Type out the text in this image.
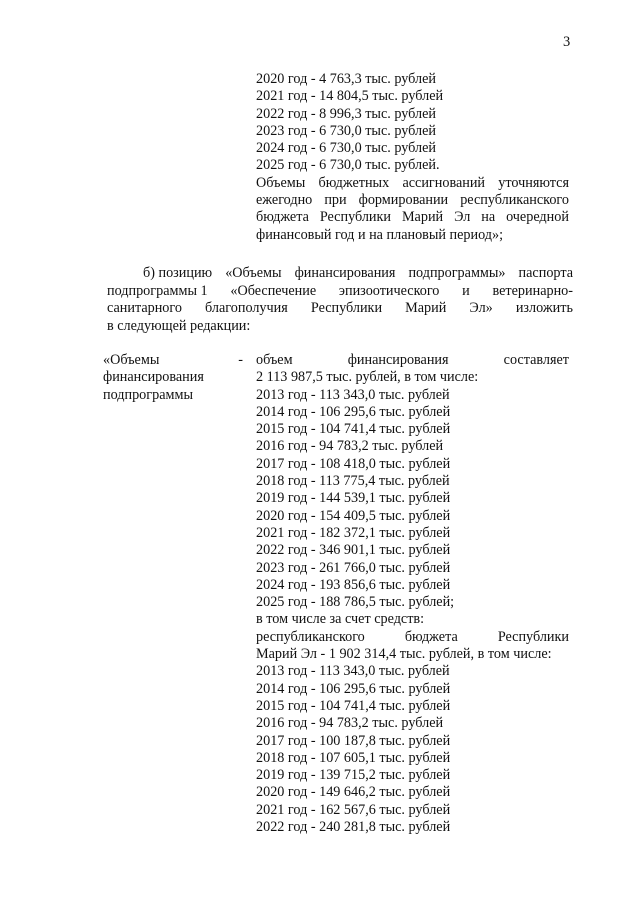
3
2020 год - 4 763,3 тыс. рублей
2021 год - 14 804,5 тыс. рублей
2022 год - 8 996,3 тыс. рублей
2023 год - 6 730,0 тыс. рублей
2024 год - 6 730,0 тыс. рублей
2025 год - 6 730,0 тыс. рублей.
Объемы бюджетных ассигнований уточняются
ежегодно при формировании республиканского
бюджета Республики Марий Эл на очередной
финансовый год и на плановый период»;
б) позицию «Объемы финансирования подпрограммы» паспорта
подпрограммы 1 «Обеспечение эпизоотического и ветеринарно-
санитарного благополучия Республики Марий Эл» изложить
в следующей редакции:
«Объемы	-
финансирования
подпрограммы
объем	финансирования	составляет
2 113 987,5 тыс. рублей, в том числе:
2013 год - 113 343,0 тыс. рублей
2014 год - 106 295,6 тыс. рублей
2015 год - 104 741,4 тыс. рублей
2016 год - 94 783,2 тыс. рублей
2017 год - 108 418,0 тыс. рублей
2018 год - 113 775,4 тыс. рублей
2019 год - 144 539,1 тыс. рублей
2020 год - 154 409,5 тыс. рублей
2021 год - 182 372,1 тыс. рублей
2022 год - 346 901,1 тыс. рублей
2023 год - 261 766,0 тыс. рублей
2024 год - 193 856,6 тыс. рублей
2025 год - 188 786,5 тыс. рублей;
в том числе за счет средств:
республиканского	бюджета	Республики
Марий Эл - 1 902 314,4 тыс. рублей, в том числе:
2013 год - 113 343,0 тыс. рублей
2014 год - 106 295,6 тыс. рублей
2015 год - 104 741,4 тыс. рублей
2016 год - 94 783,2 тыс. рублей
2017 год - 100 187,8 тыс. рублей
2018 год - 107 605,1 тыс. рублей
2019 год - 139 715,2 тыс. рублей
2020 год - 149 646,2 тыс. рублей
2021 год - 162 567,6 тыс. рублей
2022 год - 240 281,8 тыс. рублей
